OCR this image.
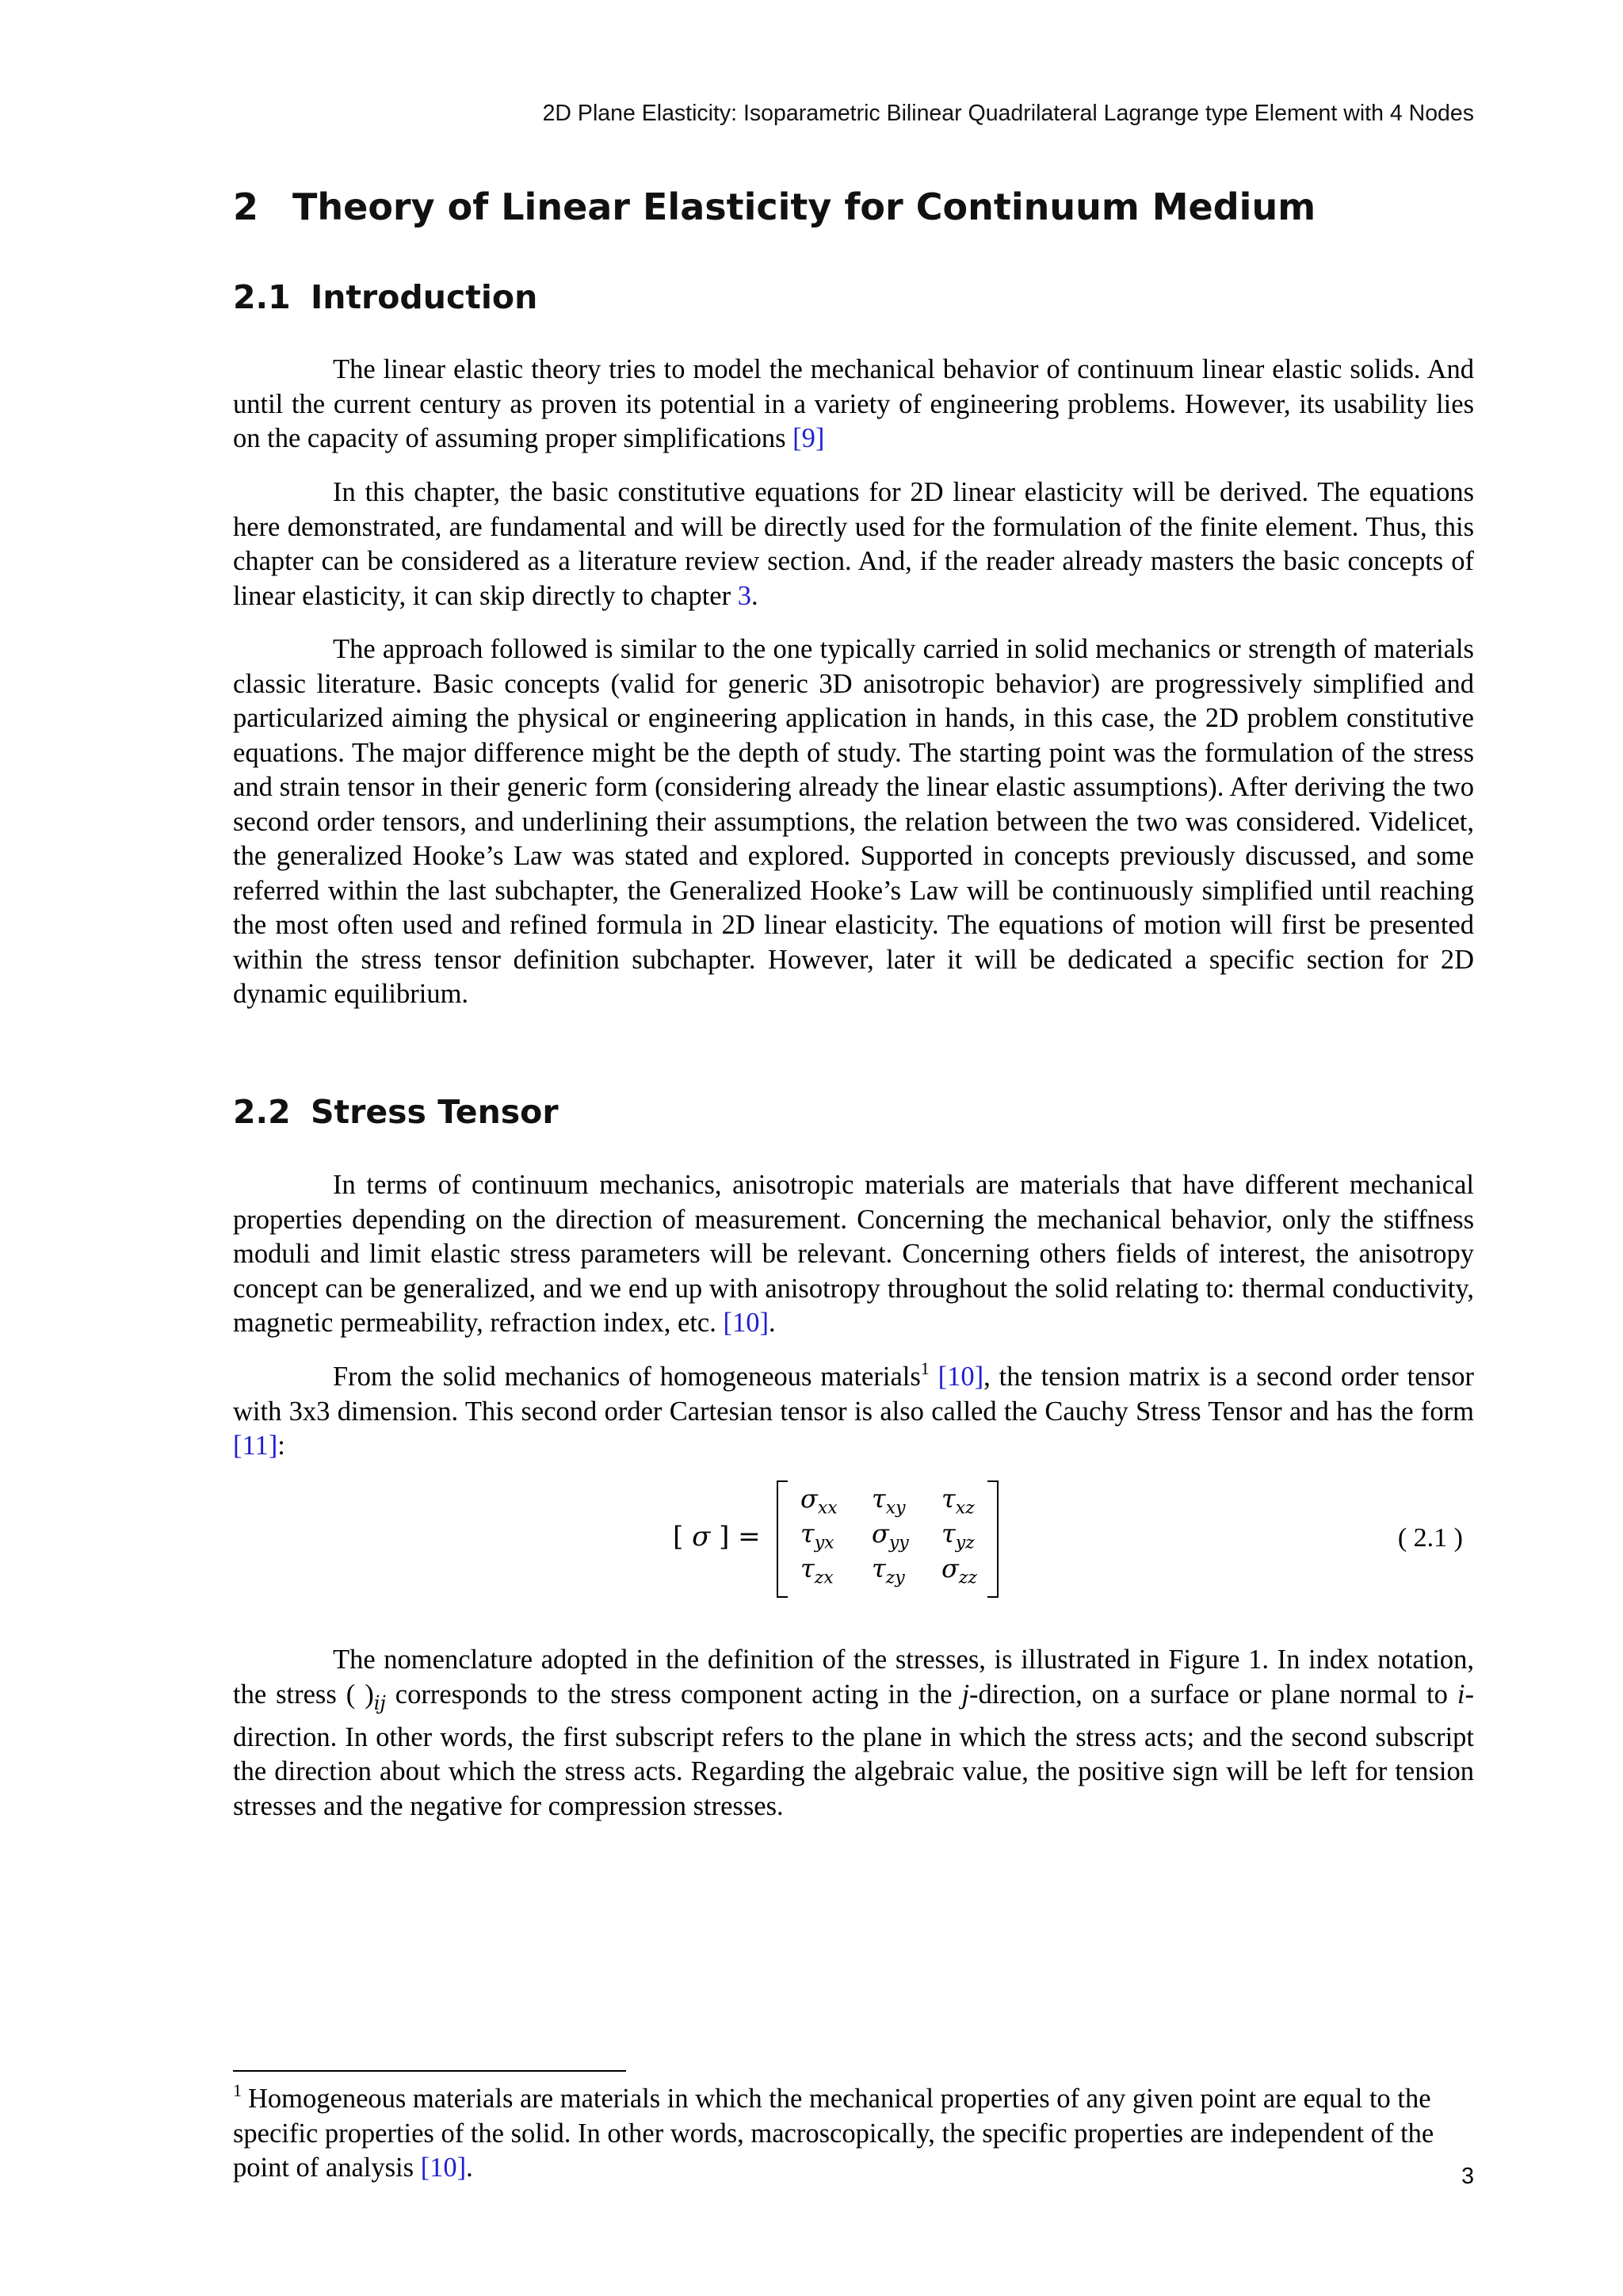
2D Plane Elasticity: Isoparametric Bilinear Quadrilateral Lagrange type Element with 4 Nodes
2 Theory of Linear Elasticity for Continuum Medium
2.1 Introduction

The linear elastic theory tries to model the mechanical behavior of continuum linear elastic solids. And until the current century as proven its potential in a variety of engineering problems. However, its usability lies on the capacity of assuming proper simplifications [9]

In this chapter, the basic constitutive equations for 2D linear elasticity will be derived. The equations here demonstrated, are fundamental and will be directly used for the formulation of the finite element. Thus, this chapter can be considered as a literature review section. And, if the reader already masters the basic concepts of linear elasticity, it can skip directly to chapter 3.

The approach followed is similar to the one typically carried in solid mechanics or strength of materials classic literature. Basic concepts (valid for generic 3D anisotropic behavior) are progressively simplified and particularized aiming the physical or engineering application in hands, in this case, the 2D problem constitutive equations. The major difference might be the depth of study. The starting point was the formulation of the stress and strain tensor in their generic form (considering already the linear elastic assumptions). After deriving the two second order tensors, and underlining their assumptions, the relation between the two was considered. Videlicet, the generalized Hooke’s Law was stated and explored. Supported in concepts previously discussed, and some referred within the last subchapter, the Generalized Hooke’s Law will be continuously simplified until reaching the most often used and refined formula in 2D linear elasticity. The equations of motion will first be presented within the stress tensor definition subchapter. However, later it will be dedicated a specific section for 2D dynamic equilibrium.

2.2 Stress Tensor

In terms of continuum mechanics, anisotropic materials are materials that have different mechanical properties depending on the direction of measurement. Concerning the mechanical behavior, only the stiffness moduli and limit elastic stress parameters will be relevant. Concerning others fields of interest, the anisotropy concept can be generalized, and we end up with anisotropy throughout the solid relating to: thermal conductivity, magnetic permeability, refraction index, etc. [10].

From the solid mechanics of homogeneous materials$^1$ [10], the tension matrix is a second order tensor with 3x3 dimension. This second order Cartesian tensor is also called the Cauchy Stress Tensor and has the form [11]:

[ σ ] =
$\sigma_{xx}$ $\tau_{xy}$ $\tau_{xz}$
$\tau_{yx}$ $\sigma_{yy}$ $\tau_{yz}$
$\tau_{zx}$ $\tau_{zy}$ $\sigma_{zz}$
( 2.1 )

The nomenclature adopted in the definition of the stresses, is illustrated in Figure 1. In index notation, the stress ( )$_{ij}$ corresponds to the stress component acting in the j-direction, on a surface or plane normal to i-direction. In other words, the first subscript refers to the plane in which the stress acts; and the second subscript the direction about which the stress acts. Regarding the algebraic value, the positive sign will be left for tension stresses and the negative for compression stresses.

$^1$ Homogeneous materials are materials in which the mechanical properties of any given point are equal to the specific properties of the solid. In other words, macroscopically, the specific properties are independent of the point of analysis [10].	3
